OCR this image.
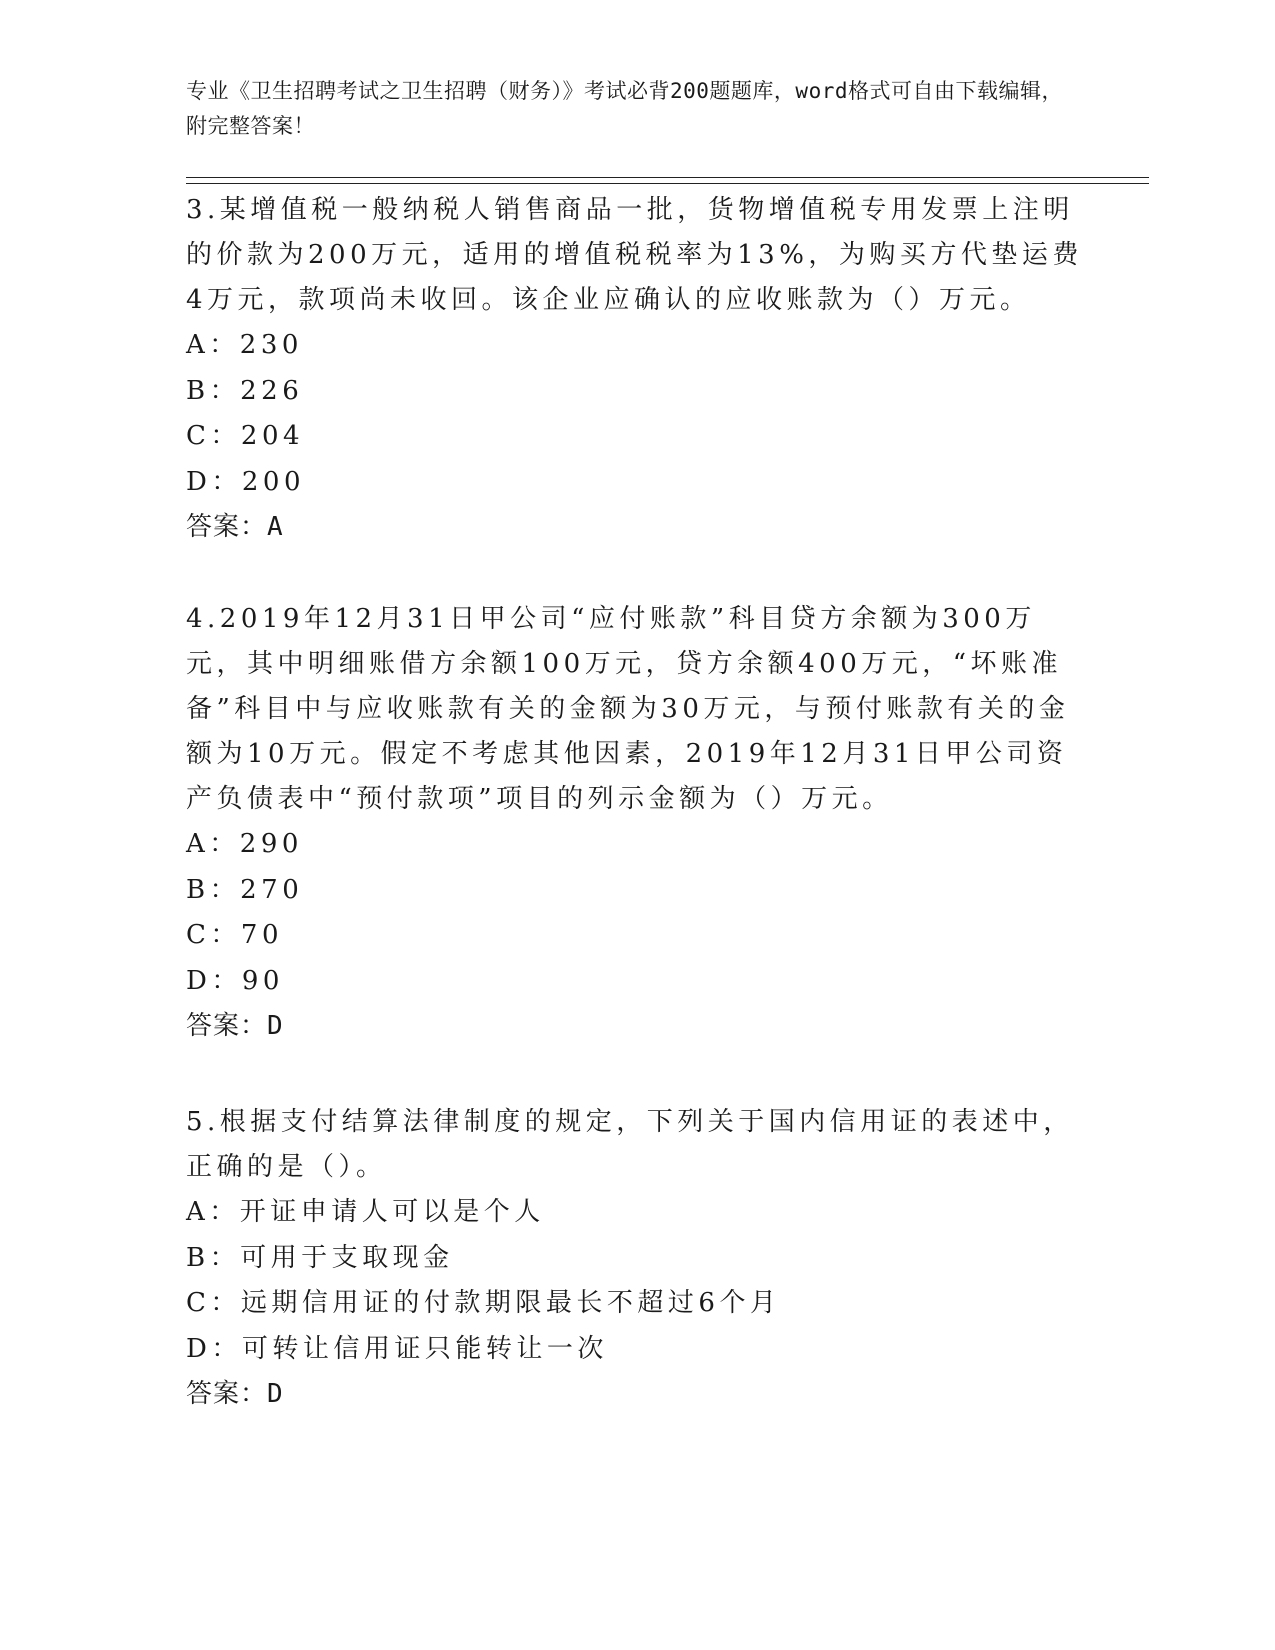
专业《卫生招聘考试之卫生招聘（财务）》考试必背200题题库，word格式可自由下载编辑，附完整答案！

3.某增值税一般纳税人销售商品一批，货物增值税专用发票上注明的价款为200万元，适用的增值税税率为13%，为购买方代垫运费4万元，款项尚未收回。该企业应确认的应收账款为（）万元。

A：230
B：226
C：204
D：200
答案：A

4.2019年12月31日甲公司“应付账款”科目贷方余额为300万元，其中明细账借方余额100万元，贷方余额400万元，“坏账准备”科目中与应收账款有关的金额为30万元，与预付账款有关的金额为10万元。假定不考虑其他因素，2019年12月31日甲公司资产负债表中“预付款项”项目的列示金额为（）万元。

A：290
B：270
C：70
D：90
答案：D

5.根据支付结算法律制度的规定，下列关于国内信用证的表述中，正确的是（）。

A：开证申请人可以是个人
B：可用于支取现金
C：远期信用证的付款期限最长不超过6个月
D：可转让信用证只能转让一次
答案：D
